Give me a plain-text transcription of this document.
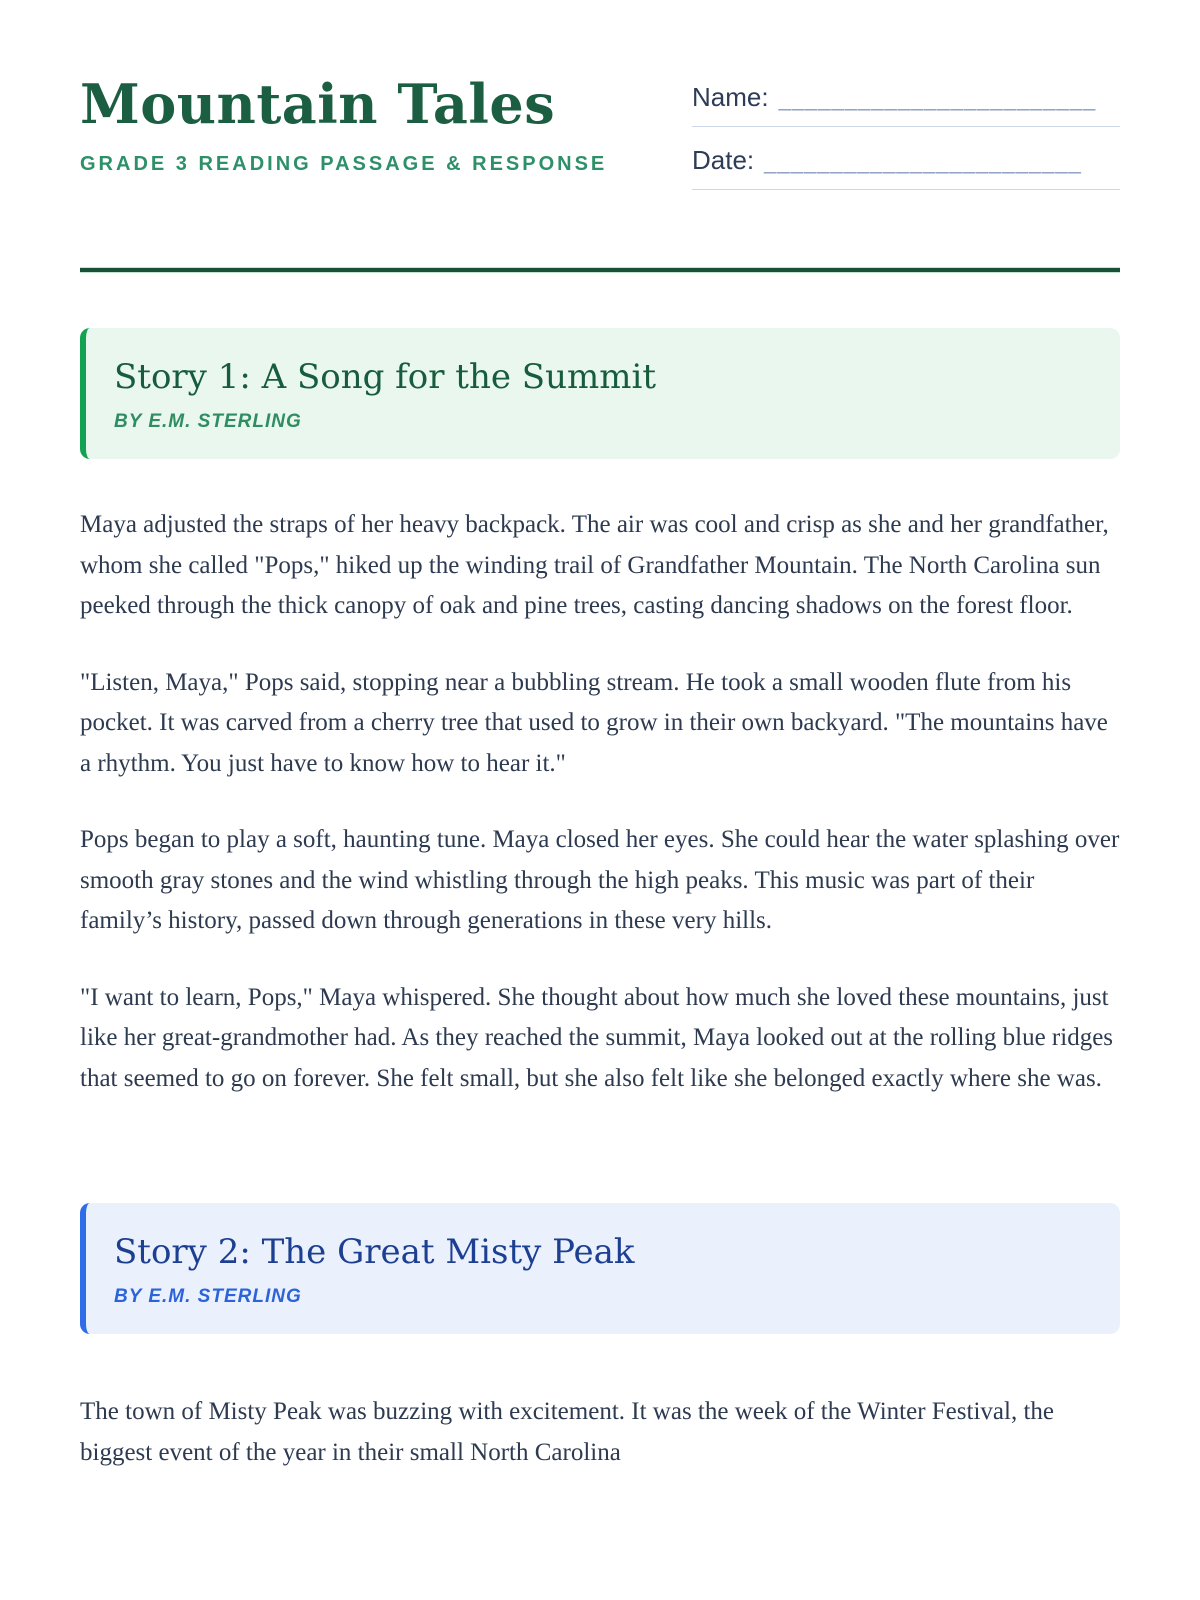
Mountain Tales
GRADE 3 READING PASSAGE & RESPONSE
Name: ________________________
Date: ________________________
Story 1: A Song for the Summit
BY E.M. STERLING

Maya adjusted the straps of her heavy backpack. The air was cool and crisp as she and her grandfather, whom she called "Pops," hiked up the winding trail of Grandfather Mountain. The North Carolina sun peeked through the thick canopy of oak and pine trees, casting dancing shadows on the forest floor.

"Listen, Maya," Pops said, stopping near a bubbling stream. He took a small wooden flute from his pocket. It was carved from a cherry tree that used to grow in their own backyard. "The mountains have a rhythm. You just have to know how to hear it."

Pops began to play a soft, haunting tune. Maya closed her eyes. She could hear the water splashing over smooth gray stones and the wind whistling through the high peaks. This music was part of their family’s history, passed down through generations in these very hills.

"I want to learn, Pops," Maya whispered. She thought about how much she loved these mountains, just like her great-grandmother had. As they reached the summit, Maya looked out at the rolling blue ridges that seemed to go on forever. She felt small, but she also felt like she belonged exactly where she was.

Story 2: The Great Misty Peak
BY E.M. STERLING

The town of Misty Peak was buzzing with excitement. It was the week of the Winter Festival, the biggest event of the year in their small North Carolina
